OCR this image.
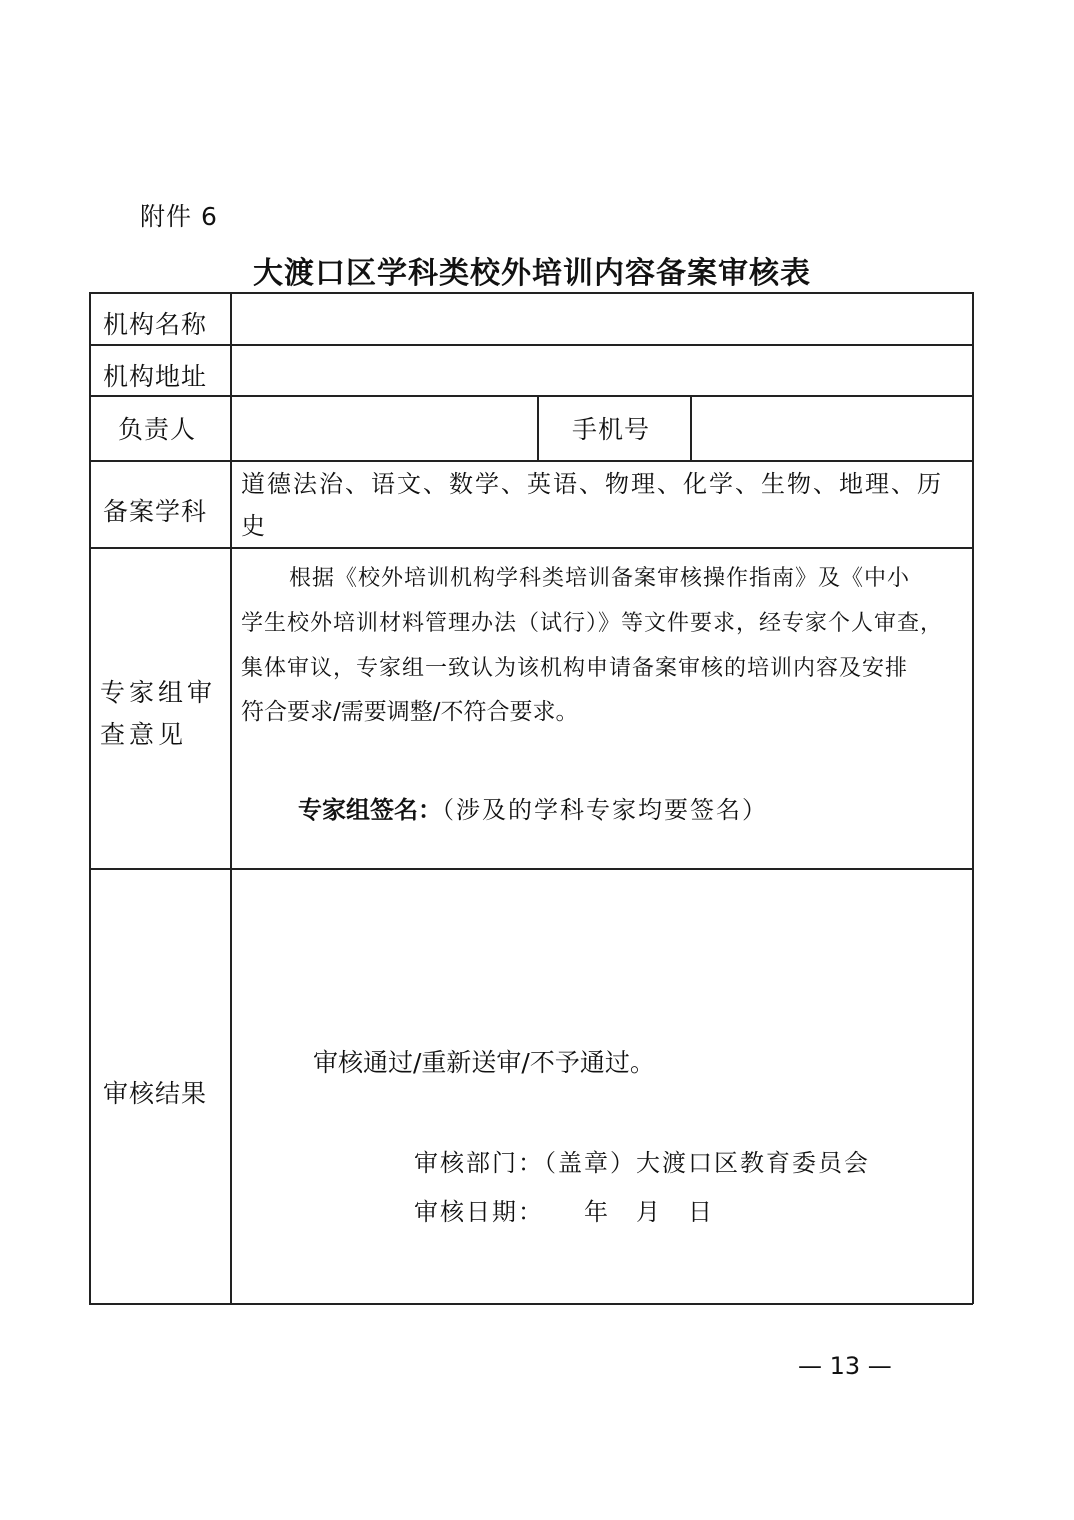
附件 6
大渡口区学科类校外培训内容备案审核表
机构名称
机构地址
负责人	手机号
备案学科
专家组审查意见
审核结果
道德法治、语文、数学、英语、物理、化学、生物、地理、历史
根据《校外培训机构学科类培训备案审核操作指南》及《中小
学生校外培训材料管理办法（试行）》等文件要求，经专家个人审查，
集体审议，专家组一致认为该机构申请备案审核的培训内容及安排
符合要求/需要调整/不符合要求。
专家组签名：（涉及的学科专家均要签名）
审核通过/重新送审/不予通过。
审核部门：（盖章）大渡口区教育委员会
审核日期：　　年　月　日
— 13 —
